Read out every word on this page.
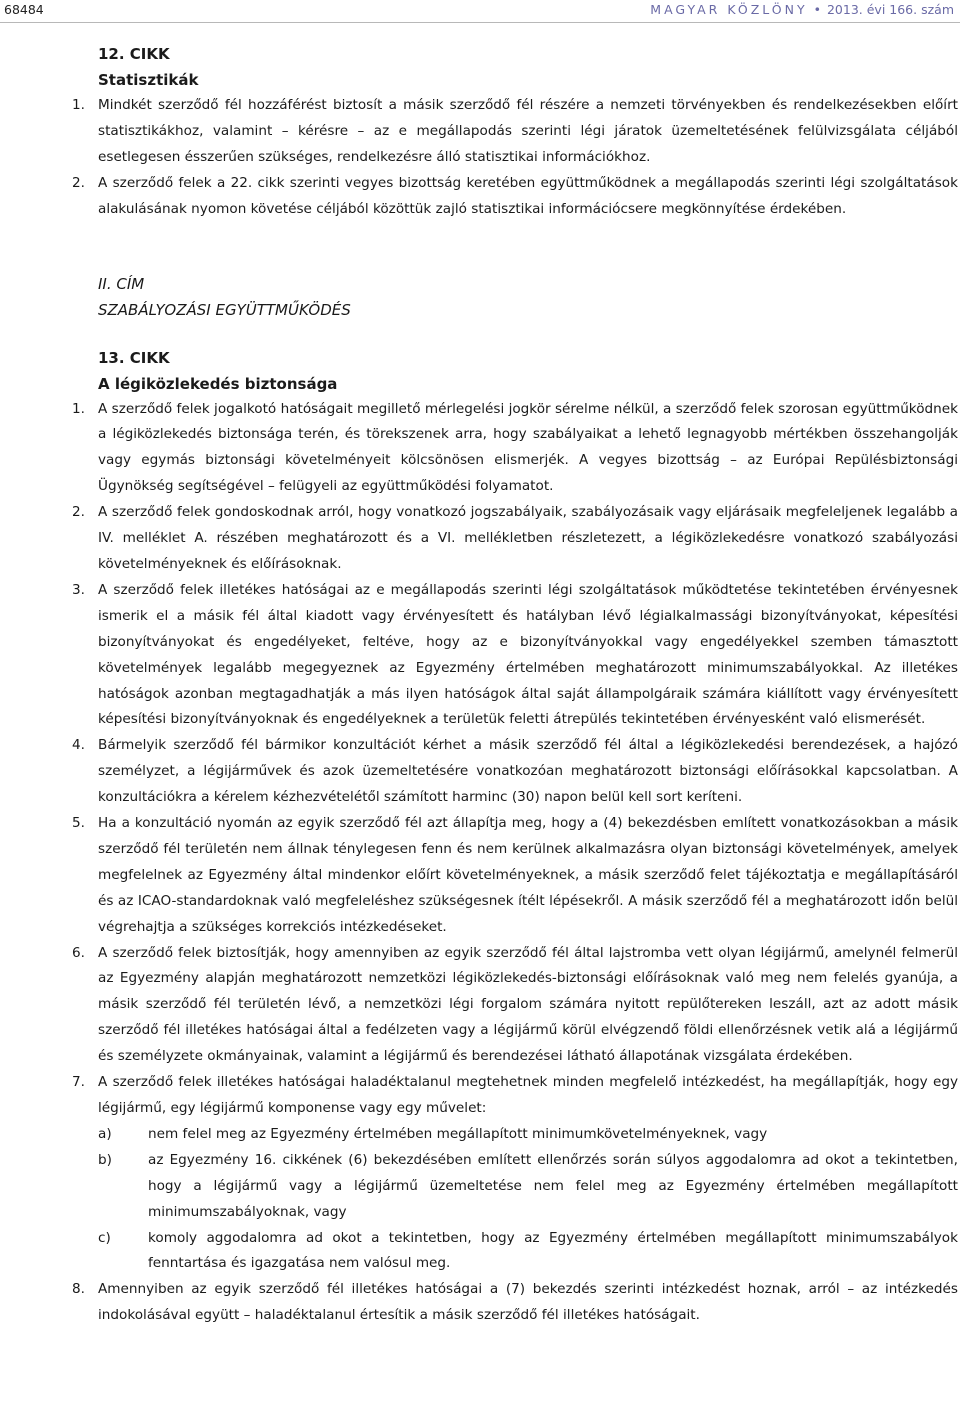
68484	MAGYAR KÖZLÖNY • 2013. évi 166. szám
12. CIKK
Statisztikák
1. Mindkét szerződő fél hozzáférést biztosít a másik szerződő fél részére a nemzeti törvényekben és rendelkezésekben előírt statisztikákhoz, valamint – kérésre – az e megállapodás szerinti légi járatok üzemeltetésének felülvizsgálata céljából esetlegesen ésszerűen szükséges, rendelkezésre álló statisztikai információkhoz.
2. A szerződő felek a 22. cikk szerinti vegyes bizottság keretében együttműködnek a megállapodás szerinti légi szolgáltatások alakulásának nyomon követése céljából közöttük zajló statisztikai információcsere megkönnyítése érdekében.
II. CÍM
SZABÁLYOZÁSI EGYÜTTMŰKÖDÉS
13. CIKK
A légiközlekedés biztonsága
1. A szerződő felek jogalkotó hatóságait megillető mérlegelési jogkör sérelme nélkül, a szerződő felek szorosan együttműködnek a légiközlekedés biztonsága terén, és törekszenek arra, hogy szabályaikat a lehető legnagyobb mértékben összehangolják vagy egymás biztonsági követelményeit kölcsönösen elismerjék. A vegyes bizottság – az Európai Repülésbiztonsági Ügynökség segítségével – felügyeli az együttműködési folyamatot.
2. A szerződő felek gondoskodnak arról, hogy vonatkozó jogszabályaik, szabályozásaik vagy eljárásaik megfeleljenek legalább a IV. melléklet A. részében meghatározott és a VI. mellékletben részletezett, a légiközlekedésre vonatkozó szabályozási követelményeknek és előírásoknak.
3. A szerződő felek illetékes hatóságai az e megállapodás szerinti légi szolgáltatások működtetése tekintetében érvényesnek ismerik el a másik fél által kiadott vagy érvényesített és hatályban lévő légialkalmassági bizonyítványokat, képesítési bizonyítványokat és engedélyeket, feltéve, hogy az e bizonyítványokkal vagy engedélyekkel szemben támasztott követelmények legalább megegyeznek az Egyezmény értelmében meghatározott minimumszabályokkal. Az illetékes hatóságok azonban megtagadhatják a más ilyen hatóságok által saját állampolgáraik számára kiállított vagy érvényesített képesítési bizonyítványoknak és engedélyeknek a területük feletti átrepülés tekintetében érvényesként való elismerését.
4. Bármelyik szerződő fél bármikor konzultációt kérhet a másik szerződő fél által a légiközlekedési berendezések, a hajózó személyzet, a légijárművek és azok üzemeltetésére vonatkozóan meghatározott biztonsági előírásokkal kapcsolatban. A konzultációkra a kérelem kézhezvételétől számított harminc (30) napon belül kell sort keríteni.
5. Ha a konzultáció nyomán az egyik szerződő fél azt állapítja meg, hogy a (4) bekezdésben említett vonatkozásokban a másik szerződő fél területén nem állnak ténylegesen fenn és nem kerülnek alkalmazásra olyan biztonsági követelmények, amelyek megfelelnek az Egyezmény által mindenkor előírt követelményeknek, a másik szerződő felet tájékoztatja e megállapításáról és az ICAO-standardoknak való megfeleléshez szükségesnek ítélt lépésekről. A másik szerződő fél a meghatározott időn belül végrehajtja a szükséges korrekciós intézkedéseket.
6. A szerződő felek biztosítják, hogy amennyiben az egyik szerződő fél által lajstromba vett olyan légijármű, amelynél felmerül az Egyezmény alapján meghatározott nemzetközi légiközlekedés-biztonsági előírásoknak való meg nem felelés gyanúja, a másik szerződő fél területén lévő, a nemzetközi légi forgalom számára nyitott repülőtereken leszáll, azt az adott másik szerződő fél illetékes hatóságai által a fedélzeten vagy a légijármű körül elvégzendő földi ellenőrzésnek vetik alá a légijármű és személyzete okmányainak, valamint a légijármű és berendezései látható állapotának vizsgálata érdekében.
7. A szerződő felek illetékes hatóságai haladéktalanul megtehetnek minden megfelelő intézkedést, ha megállapítják, hogy egy légijármű, egy légijármű komponense vagy egy művelet:
a)	nem felel meg az Egyezmény értelmében megállapított minimumkövetelményeknek, vagy
b)	az Egyezmény 16. cikkének (6) bekezdésében említett ellenőrzés során súlyos aggodalomra ad okot a tekintetben, hogy a légijármű vagy a légijármű üzemeltetése nem felel meg az Egyezmény értelmében megállapított minimumszabályoknak, vagy
c)	komoly aggodalomra ad okot a tekintetben, hogy az Egyezmény értelmében megállapított minimumszabályok fenntartása és igazgatása nem valósul meg.
8. Amennyiben az egyik szerződő fél illetékes hatóságai a (7) bekezdés szerinti intézkedést hoznak, arról – az intézkedés indokolásával együtt – haladéktalanul értesítik a másik szerződő fél illetékes hatóságait.
